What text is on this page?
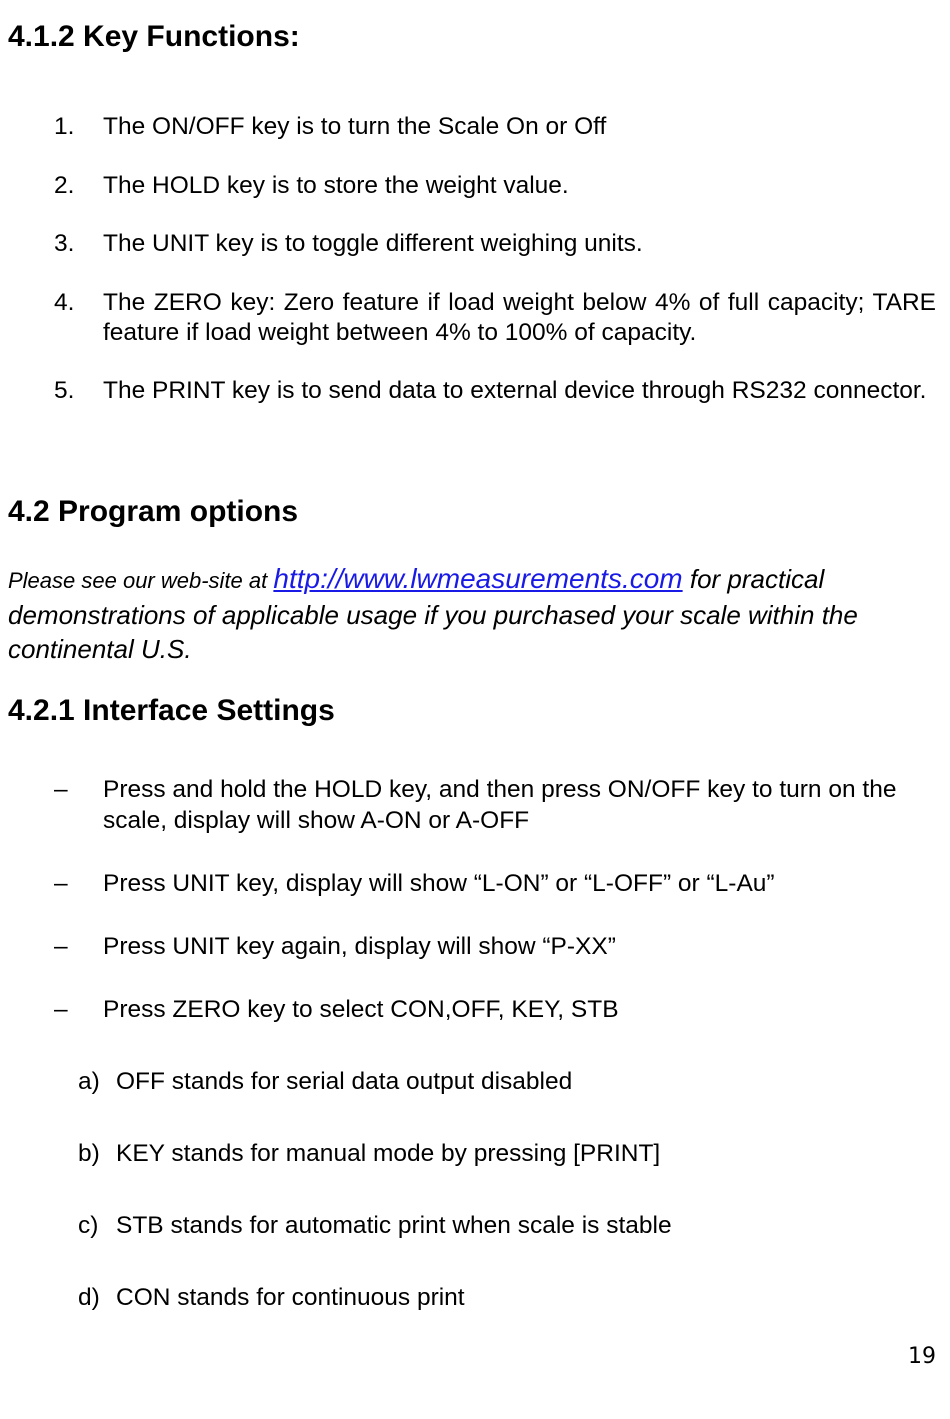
4.1.2 Key Functions:
1. The ON/OFF key is to turn the Scale On or Off
2. The HOLD key is to store the weight value.
3. The UNIT key is to toggle different weighing units.
4. The ZERO key: Zero feature if load weight below 4% of full capacity; TARE feature if load weight between 4% to 100% of capacity.
5. The PRINT key is to send data to external device through RS232 connector.
4.2 Program options

Please see our web-site at http://www.lwmeasurements.com for practical demonstrations of applicable usage if you purchased your scale within the continental U.S.

4.2.1 Interface Settings
– Press and hold the HOLD key, and then press ON/OFF key to turn on the scale, display will show A-ON or A-OFF
– Press UNIT key, display will show “L-ON” or “L-OFF” or “L-Au”
– Press UNIT key again, display will show “P-XX”
– Press ZERO key to select CON,OFF, KEY, STB
a) OFF stands for serial data output disabled
b) KEY stands for manual mode by pressing [PRINT]
c) STB stands for automatic print when scale is stable
d) CON stands for continuous print
19
